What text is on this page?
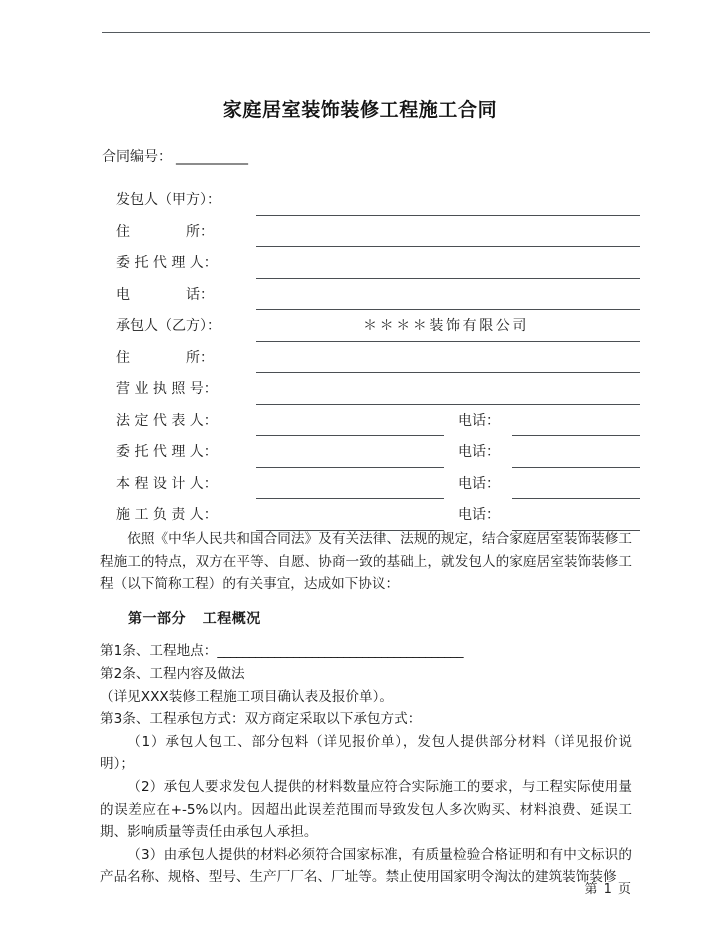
家庭居室装饰装修工程施工合同
合同编号： ___________
发包人（甲方）：
住　　　　所：
委 托 代 理 人：
电　　　　话：
承包人（乙方）：	＊＊＊＊装饰有限公司
住　　　　所：
营 业 执 照 号：
法 定 代 表 人：	电话：
委 托 代 理 人：	电话：
本 程 设 计 人：	电话：
施 工 负 责 人：	电话：

依照《中华人民共和国合同法》及有关法律、法规的规定，结合家庭居室装饰装修工程施工的特点，双方在平等、自愿、协商一致的基础上，就发包人的家庭居室装饰装修工程（以下简称工程）的有关事宜，达成如下协议：

第一部分 工程概况

第1条、工程地点：_______________________________________

第2条、工程内容及做法

（详见XXX装修工程施工项目确认表及报价单）。

第3条、工程承包方式：双方商定采取以下承包方式：

（1）承包人包工、部分包料（详见报价单），发包人提供部分材料（详见报价说明）；

（2）承包人要求发包人提供的材料数量应符合实际施工的要求，与工程实际使用量的误差应在+-5%以内。因超出此误差范围而导致发包人多次购买、材料浪费、延误工期、影响质量等责任由承包人承担。

（3）由承包人提供的材料必须符合国家标准，有质量检验合格证明和有中文标识的产品名称、规格、型号、生产厂厂名、厂址等。禁止使用国家明令淘汰的建筑装饰装修

第 1 页
